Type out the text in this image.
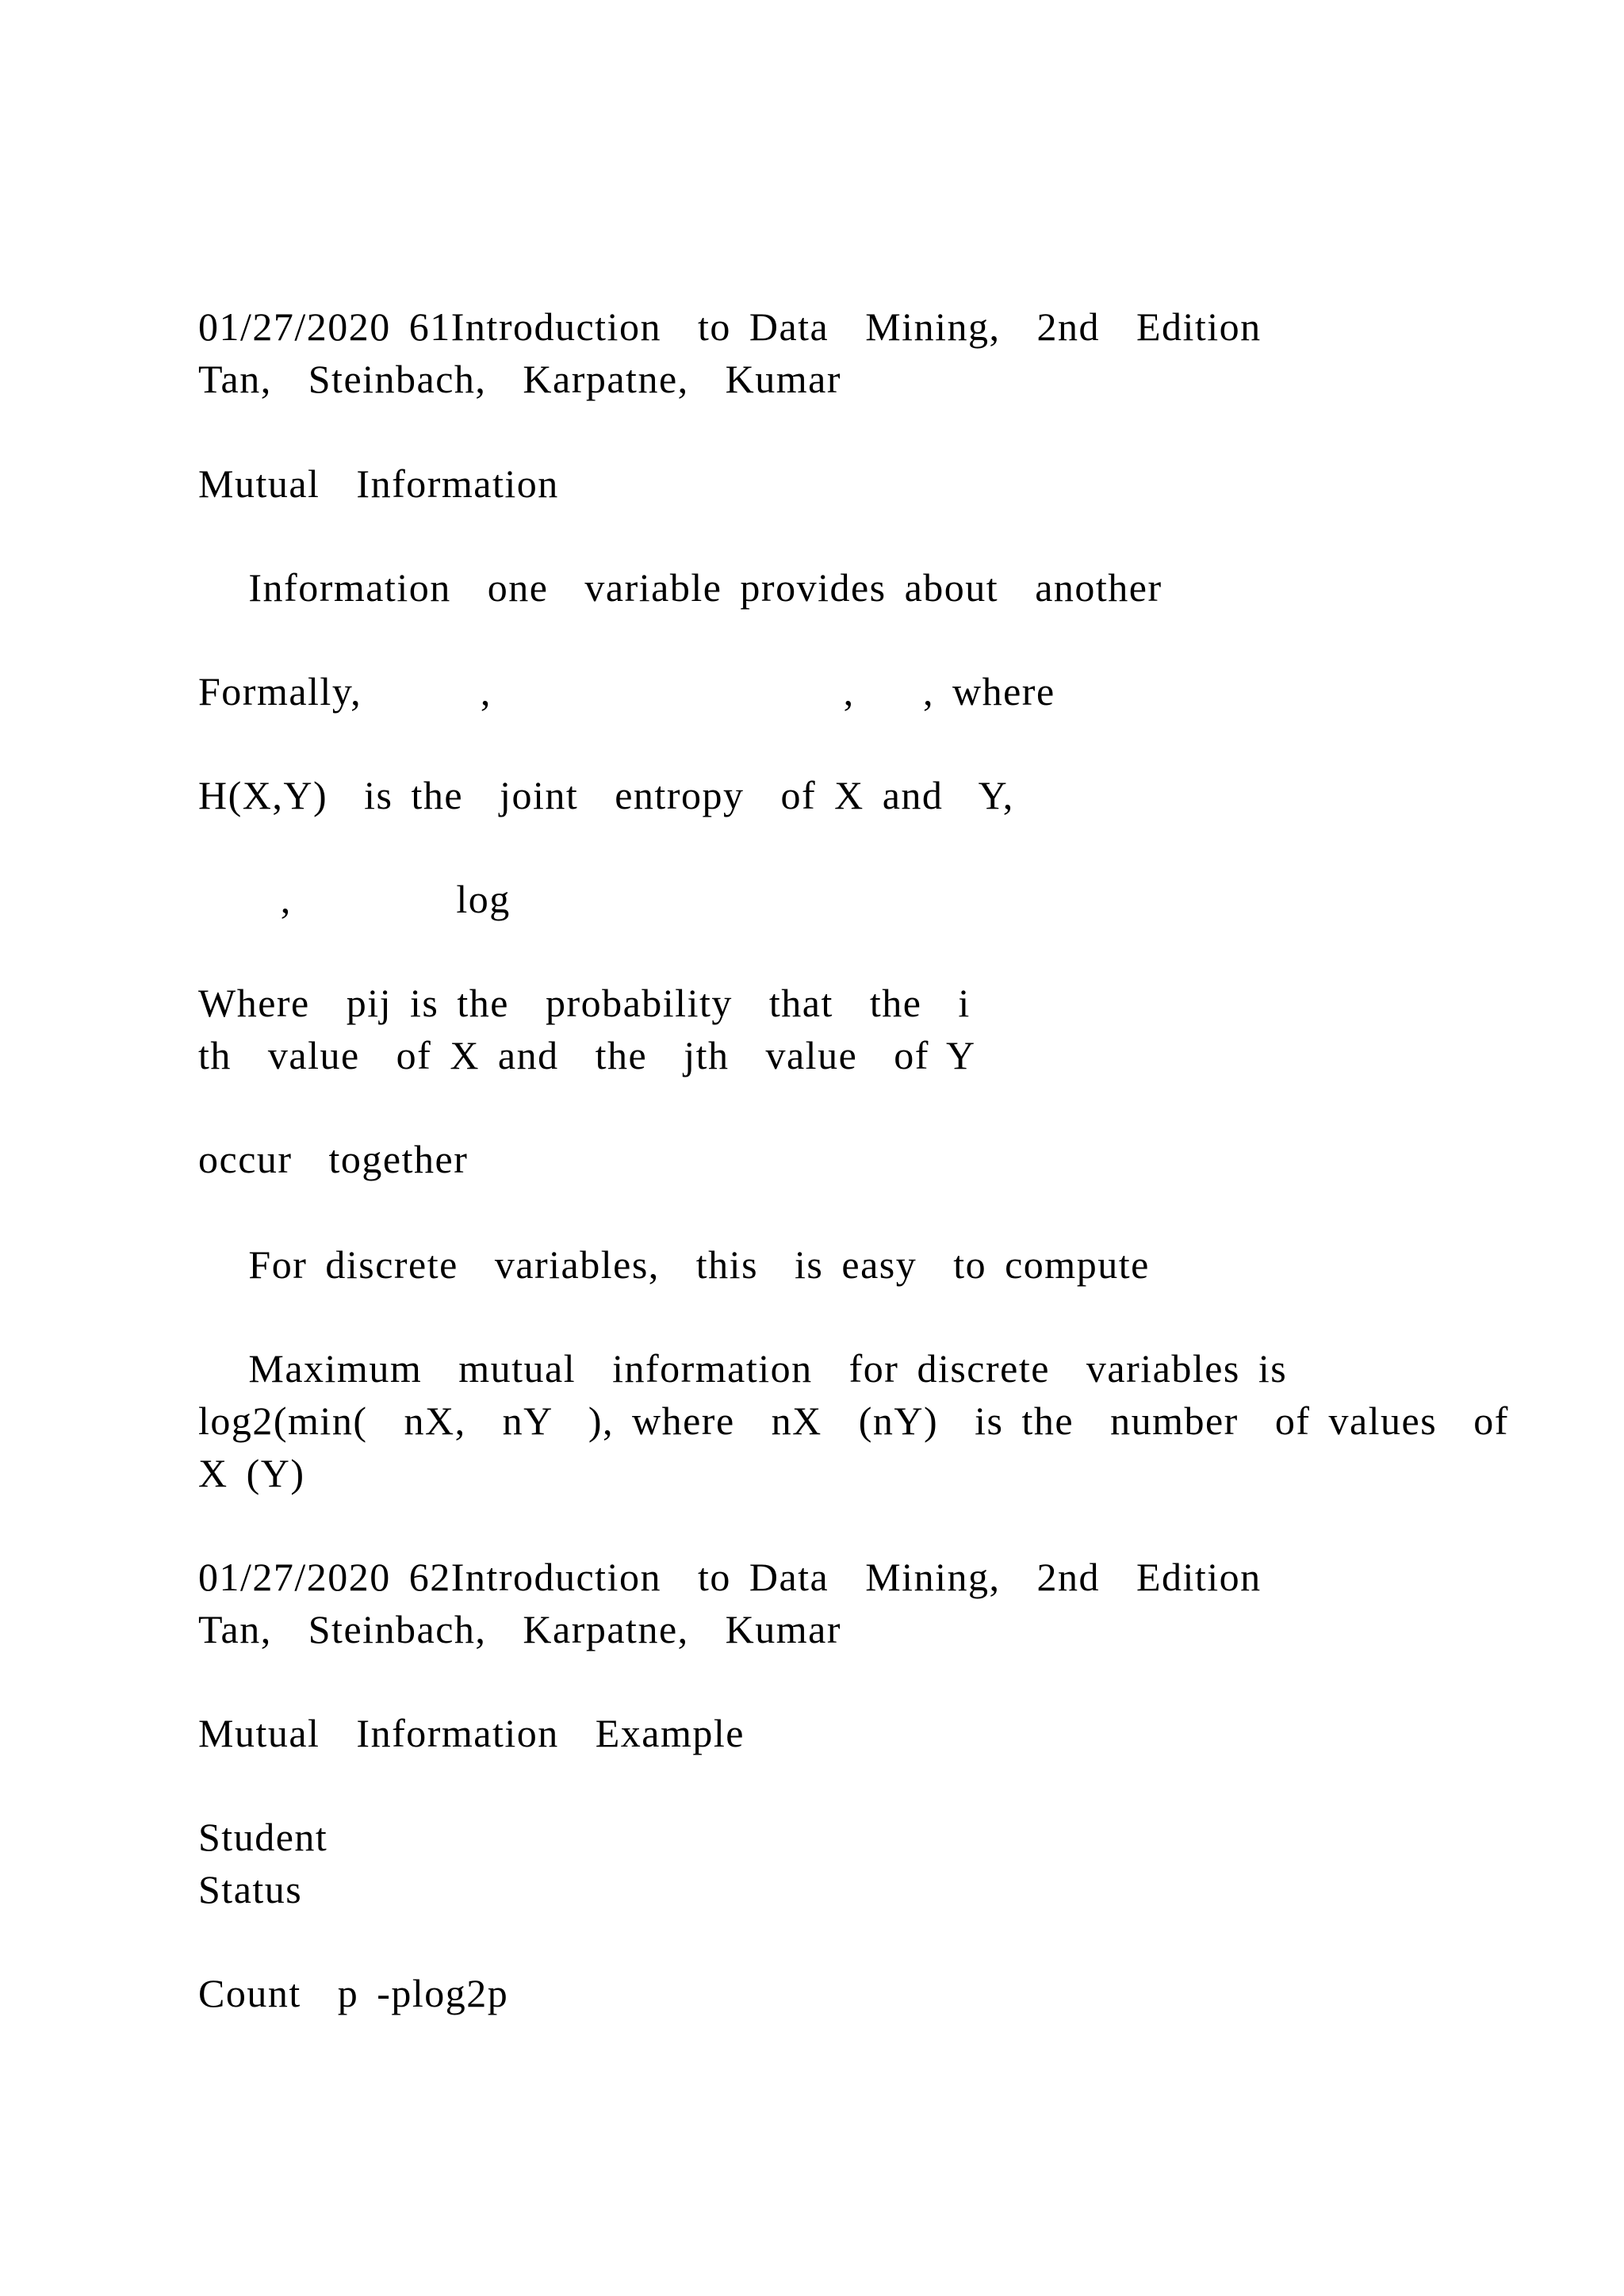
01/27/2020 61Introduction  to Data  Mining,  2nd  Edition
Tan,  Steinbach,  Karpatne,  Kumar
Mutual  Information
Information  one  variable provides about  another
Formally,     ,              ,   , where
H(X,Y)  is the  joint  entropy  of X and  Y,
,      log
Where  pij is the  probability  that  the  i
th  value  of X and  the  jth  value  of Y
occur  together
For discrete  variables,  this  is easy  to compute
Maximum  mutual  information  for discrete  variables is
log2(min(  nX,  nY  ), where  nX  (nY)  is the  number  of values  of
X (Y)
01/27/2020 62Introduction  to Data  Mining,  2nd  Edition
Tan,  Steinbach,  Karpatne,  Kumar
Mutual  Information  Example
Student
Status
Count  p -plog2p
